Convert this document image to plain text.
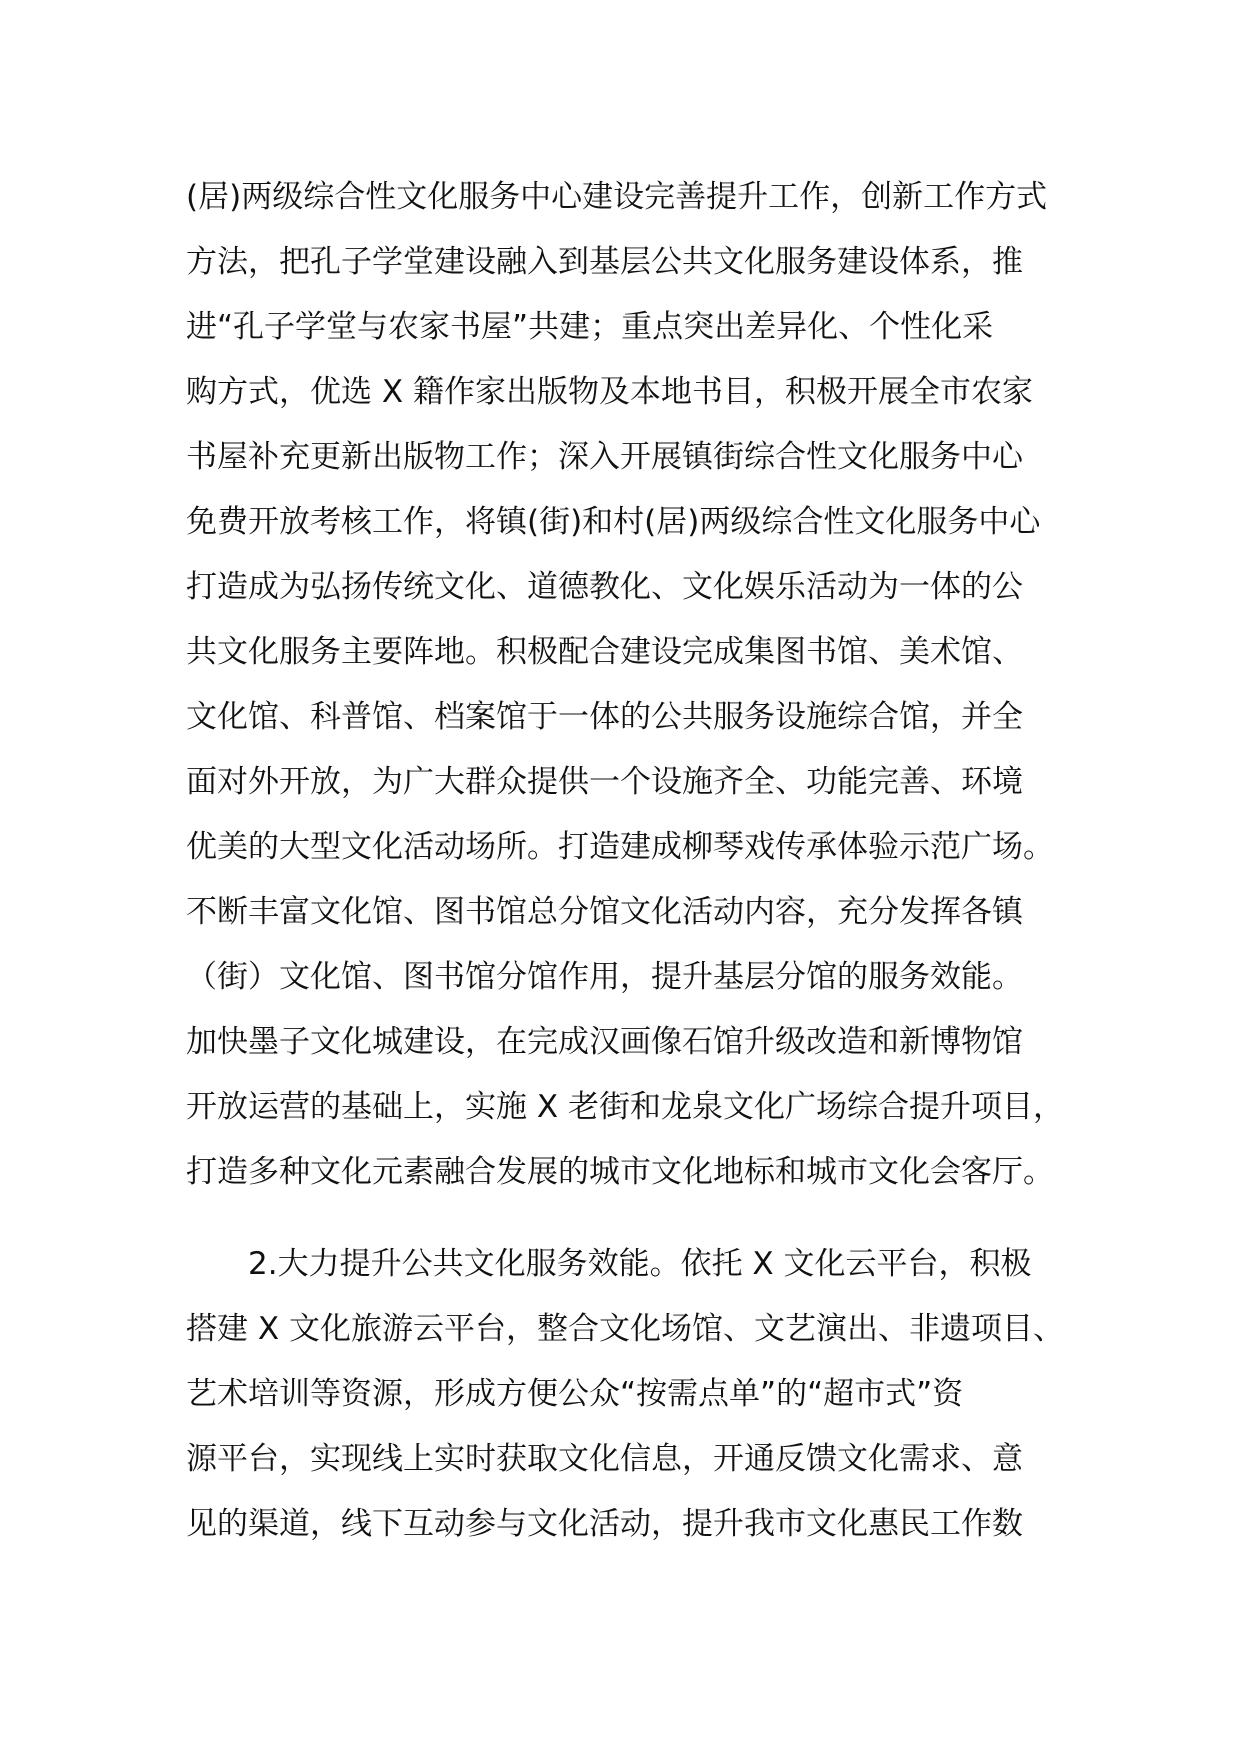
(居)两级综合性文化服务中心建设完善提升工作，创新工作方式
方法，把孔子学堂建设融入到基层公共文化服务建设体系，推
进“孔子学堂与农家书屋”共建；重点突出差异化、个性化采
购方式，优选 X 籍作家出版物及本地书目，积极开展全市农家
书屋补充更新出版物工作；深入开展镇街综合性文化服务中心
免费开放考核工作，将镇(街)和村(居)两级综合性文化服务中心
打造成为弘扬传统文化、道德教化、文化娱乐活动为一体的公
共文化服务主要阵地。积极配合建设完成集图书馆、美术馆、
文化馆、科普馆、档案馆于一体的公共服务设施综合馆，并全
面对外开放，为广大群众提供一个设施齐全、功能完善、环境
优美的大型文化活动场所。打造建成柳琴戏传承体验示范广场。
不断丰富文化馆、图书馆总分馆文化活动内容，充分发挥各镇
（街）文化馆、图书馆分馆作用，提升基层分馆的服务效能。
加快墨子文化城建设，在完成汉画像石馆升级改造和新博物馆
开放运营的基础上，实施 X 老街和龙泉文化广场综合提升项目，
打造多种文化元素融合发展的城市文化地标和城市文化会客厅。
2.大力提升公共文化服务效能。依托 X 文化云平台，积极
搭建 X 文化旅游云平台，整合文化场馆、文艺演出、非遗项目、
艺术培训等资源，形成方便公众“按需点单”的“超市式”资
源平台，实现线上实时获取文化信息，开通反馈文化需求、意
见的渠道，线下互动参与文化活动，提升我市文化惠民工作数
